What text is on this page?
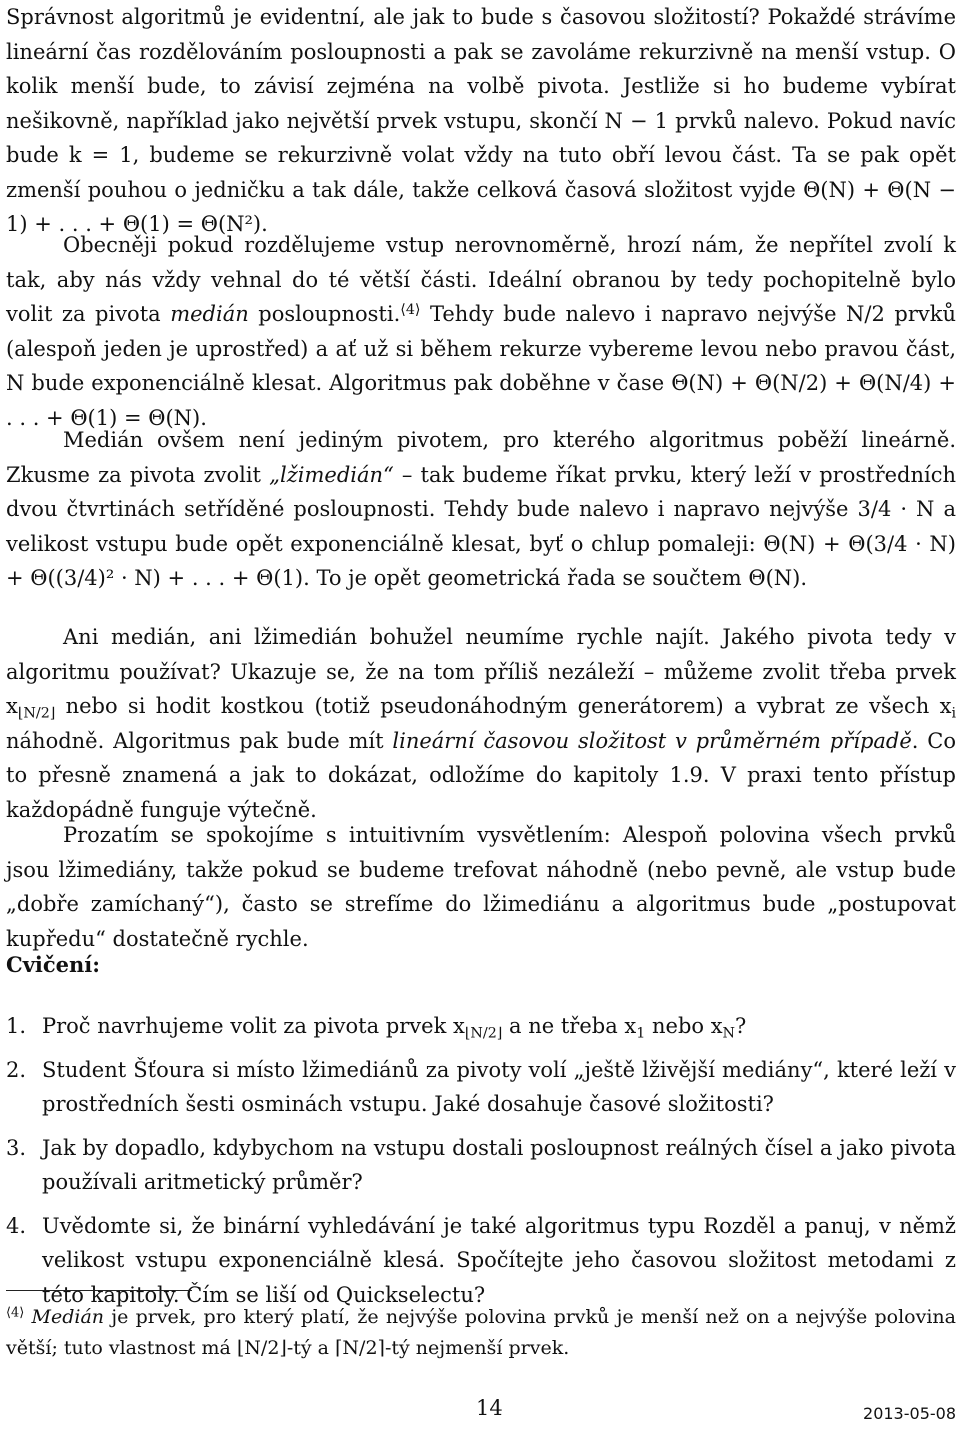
Správnost algoritmů je evidentní, ale jak to bude s časovou složitostí? Pokaždé strávíme lineární čas rozdělováním posloupnosti a pak se zavoláme rekurzivně na menší vstup. O kolik menší bude, to závisí zejména na volbě pivota. Jestliže si ho budeme vybírat nešikovně, například jako největší prvek vstupu, skončí N − 1 prvků nalevo. Pokud navíc bude k = 1, budeme se rekurzivně volat vždy na tuto obří levou část. Ta se pak opět zmenší pouhou o jedničku a tak dále, takže celková časová složitost vyjde Θ(N) + Θ(N − 1) + . . . + Θ(1) = Θ(N²).

Obecněji pokud rozdělujeme vstup nerovnoměrně, hrozí nám, že nepřítel zvolí k tak, aby nás vždy vehnal do té větší části. Ideální obranou by tedy pochopitelně bylo volit za pivota medián posloupnosti.$^{⟨4⟩}$ Tehdy bude nalevo i napravo nejvýše N/2 prvků (alespoň jeden je uprostřed) a ať už si během rekurze vybereme levou nebo pravou část, N bude exponenciálně klesat. Algoritmus pak doběhne v čase Θ(N) + Θ(N/2) + Θ(N/4) + . . . + Θ(1) = Θ(N).

Medián ovšem není jediným pivotem, pro kterého algoritmus poběží lineárně. Zkusme za pivota zvolit „lžimedián“ – tak budeme říkat prvku, který leží v prostředních dvou čtvrtinách setříděné posloupnosti. Tehdy bude nalevo i napravo nejvýše 3/4 · N a velikost vstupu bude opět exponenciálně klesat, byť o chlup pomaleji: Θ(N) + Θ(3/4 · N) + Θ((3/4)² · N) + . . . + Θ(1). To je opět geometrická řada se součtem Θ(N).

Ani medián, ani lžimedián bohužel neumíme rychle najít. Jakého pivota tedy v algoritmu používat? Ukazuje se, že na tom příliš nezáleží – můžeme zvolit třeba prvek $x_{⌊N/2⌋}$ nebo si hodit kostkou (totiž pseudonáhodným generátorem) a vybrat ze všech $x_i$ náhodně. Algoritmus pak bude mít lineární časovou složitost v průměrném případě. Co to přesně znamená a jak to dokázat, odložíme do kapitoly 1.9. V praxi tento přístup každopádně funguje výtečně.

Prozatím se spokojíme s intuitivním vysvětlením: Alespoň polovina všech prvků jsou lžimediány, takže pokud se budeme trefovat náhodně (nebo pevně, ale vstup bude „dobře zamíchaný“), často se strefíme do lžimediánu a algoritmus bude „postupovat kupředu“ dostatečně rychle.

Cvičení:
1. Proč navrhujeme volit za pivota prvek $x_{⌊N/2⌋}$ a ne třeba $x_1$ nebo $x_N$?
2. Student Šťoura si místo lžimediánů za pivoty volí „ještě lživější mediány“, které leží v prostředních šesti osminách vstupu. Jaké dosahuje časové složitosti?
3. Jak by dopadlo, kdybychom na vstupu dostali posloupnost reálných čísel a jako pivota používali aritmetický průměr?
4. Uvědomte si, že binární vyhledávání je také algoritmus typu Rozděl a panuj, v němž velikost vstupu exponenciálně klesá. Spočítejte jeho časovou složitost metodami z této kapitoly. Čím se liší od Quickselectu?

$^{⟨4⟩}$ Medián je prvek, pro který platí, že nejvýše polovina prvků je menší než on a nejvýše polovina větší; tuto vlastnost má ⌊N/2⌋-tý a ⌈N/2⌉-tý nejmenší prvek.

14	2013-05-08
